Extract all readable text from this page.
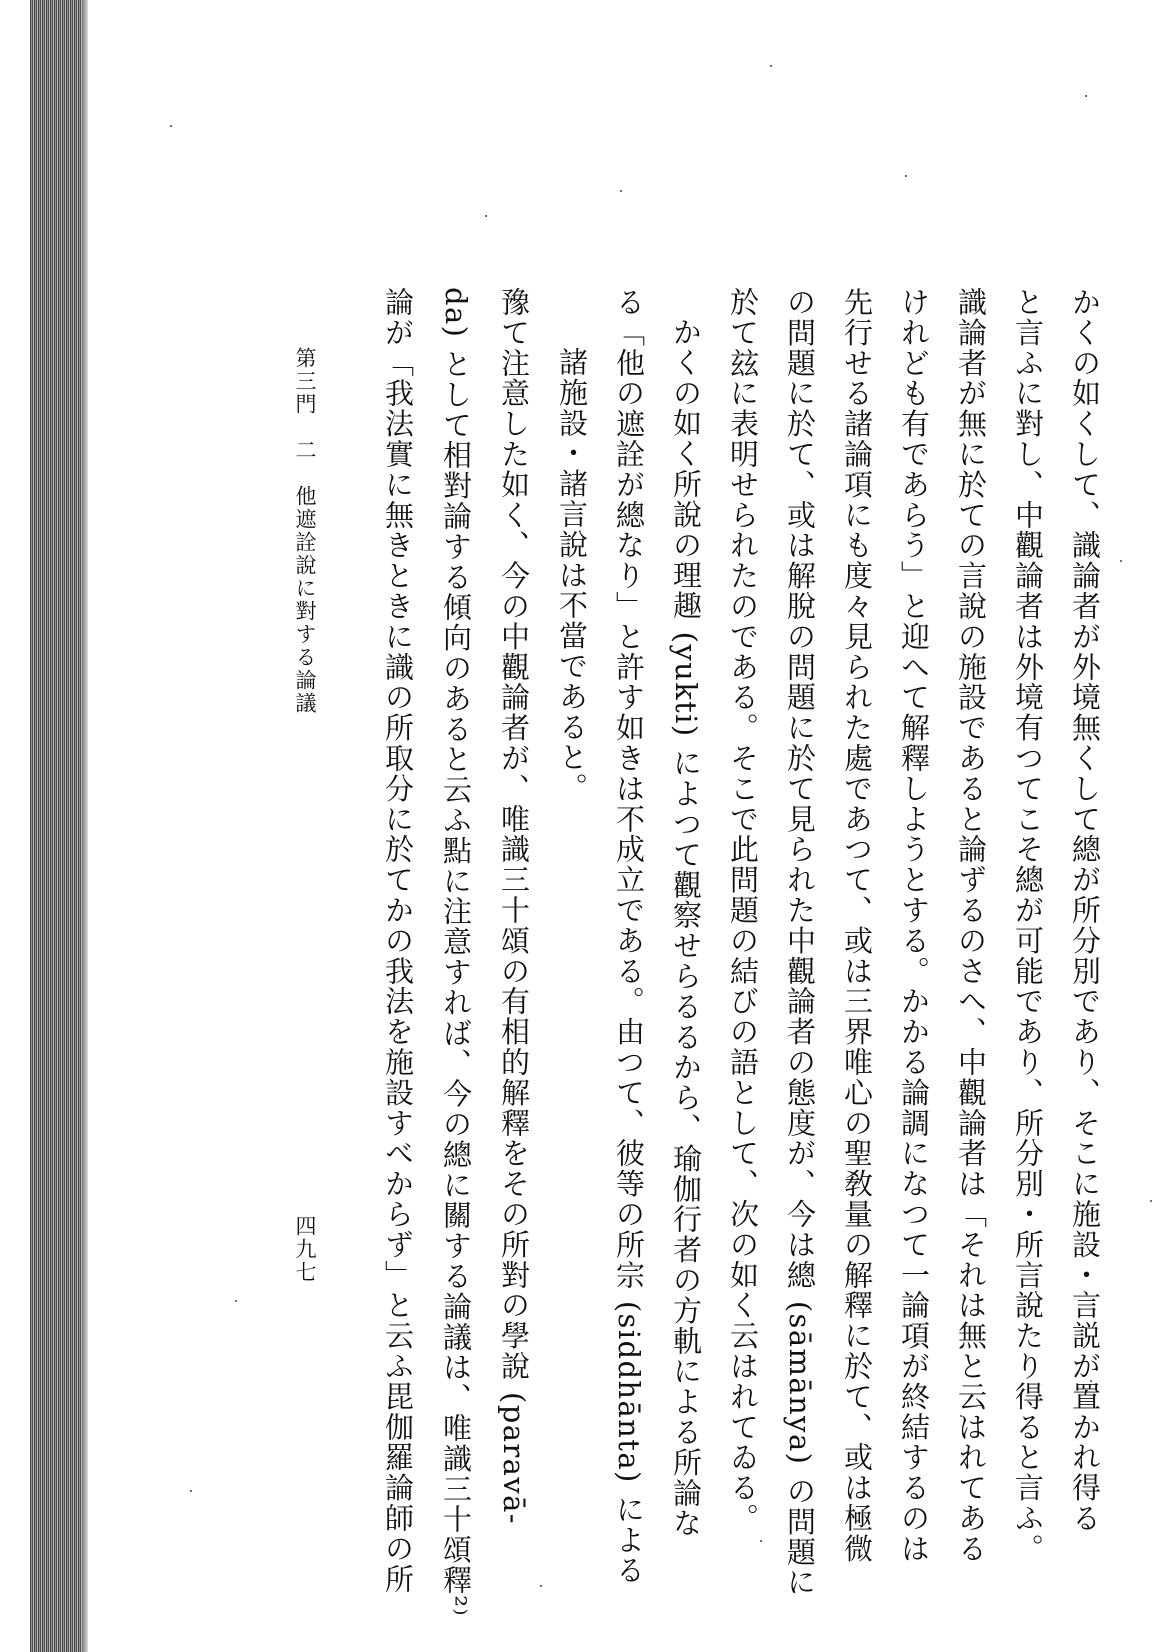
かくの如くして、識論者が外境無くして總が所分別であり、そこに施設・言説が置かれ得る
と言ふに對し、中觀論者は外境有つてこそ總が可能であり、所分別・所言說たり得ると言ふ。
識論者が無に於ての言說の施設であると論ずるのさへ、中觀論者は「それは無と云はれてある
けれども有であらう」と迎へて解釋しようとする。かかる論調になつて一論項が終結するのは
先行せる諸論項にも度々見られた處であつて、或は三界唯心の聖敎量の解釋に於て、或は極微
の問題に於て、或は解脫の問題に於て見られた中觀論者の態度が、今は總 (sāmānya) の問題に
於て玆に表明せられたのである。そこで此問題の結びの語として、次の如く云はれてゐる。
かくの如く所說の理趣 (yukti) によつて觀察せらるるから、瑜伽行者の方軌による所論な
る「他の遮詮が總なり」と許す如きは不成立である。由つて、彼等の所宗 (siddhānta) による
諸施設・諸言說は不當であると。
豫て注意した如く、今の中觀論者が、唯識三十頌の有相的解釋をその所對の學說 (paravā-
da) として相對論する傾向のあると云ふ點に注意すれば、今の總に關する論議は、唯識三十頌釋²⁾
論が「我法實に無きときに識の所取分に於てかの我法を施設すべからず」と云ふ毘伽羅論師の所
第三門　二　他遮詮說に對する論議
四九七
